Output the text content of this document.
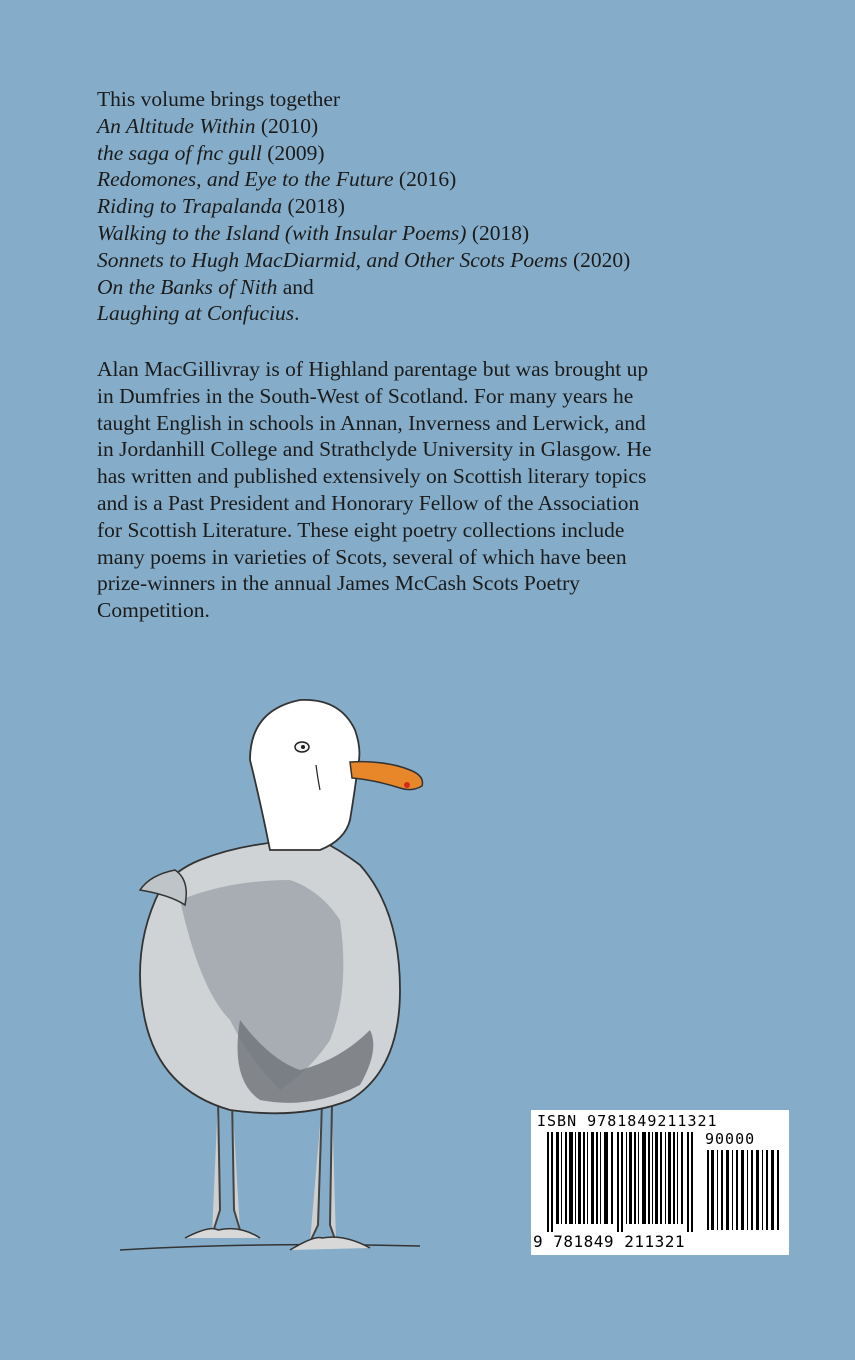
This volume brings together
An Altitude Within (2010)
the saga of fnc gull (2009)
Redomones, and Eye to the Future (2016)
Riding to Trapalanda (2018)
Walking to the Island (with Insular Poems) (2018)
Sonnets to Hugh MacDiarmid, and Other Scots Poems (2020)
On the Banks of Nith and
Laughing at Confucius.
Alan MacGillivray is of Highland parentage but was brought up
in Dumfries in the South-West of Scotland. For many years he
taught English in schools in Annan, Inverness and Lerwick, and
in Jordanhill College and Strathclyde University in Glasgow. He
has written and published extensively on Scottish literary topics
and is a Past President and Honorary Fellow of the Association
for Scottish Literature. These eight poetry collections include
many poems in varieties of Scots, several of which have been
prize-winners in the annual James McCash Scots Poetry
Competition.
ISBN 9781849211321
90000
9 781849 211321
